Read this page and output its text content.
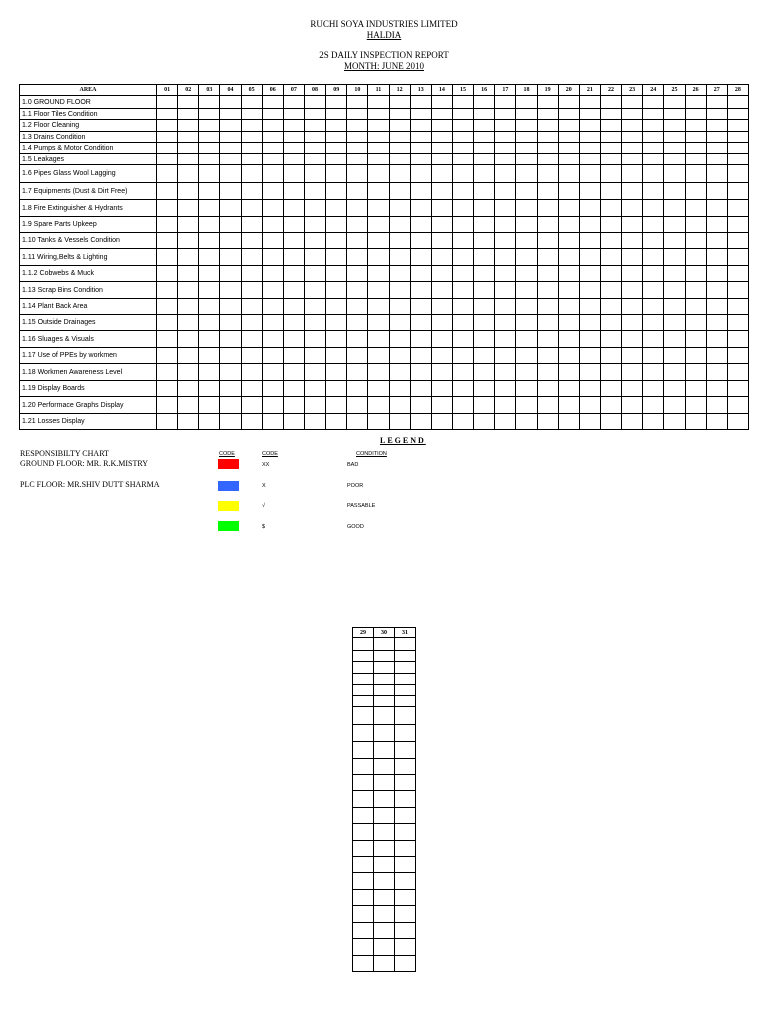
RUCHI SOYA INDUSTRIES LIMITED
HALDIA
2S DAILY INSPECTION REPORT
MONTH: JUNE 2010
AREA	01	02	03	04	05	06	07	08	09	10	11	12	13	14	15	16	17	18	19	20	21	22	23	24	25	26	27	28
1.0 GROUND FLOOR																												
1.1 Floor Tiles Condition																												
1.2 Floor Cleaning																												
1.3 Drains Condition																												
1.4 Pumps & Motor Condition																												
1.5 Leakages																												
1.6 Pipes Glass Wool Lagging																												
1.7 Equipments (Dust & Dirt Free)																												
1.8 Fire Extinguisher & Hydrants																												
1.9 Spare Parts Upkeep																												
1.10 Tanks & Vessels Condition																												
1.11 Wiring,Belts & Lighting																												
1.1.2 Cobwebs & Muck																												
1.13 Scrap Bins Condition																												
1.14 Plant Back Area																												
1.15 Outside Drainages																												
1.16 Sluages & Visuals																												
1.17 Use of PPEs by workmen																												
1.18 Workmen Awareness Level																												
1.19 Display Boards																												
1.20 Performace Graphs Display																												
1.21 Losses Display																												
LEGEND
RESPONSIBILTY CHART
GROUND FLOOR: MR. R.K.MISTRY
PLC FLOOR: MR.SHIV DUTT SHARMA
CODE	CODE	CONDITION
XX	BAD
X	POOR
√	PASSABLE
$	GOOD
29	30	31
